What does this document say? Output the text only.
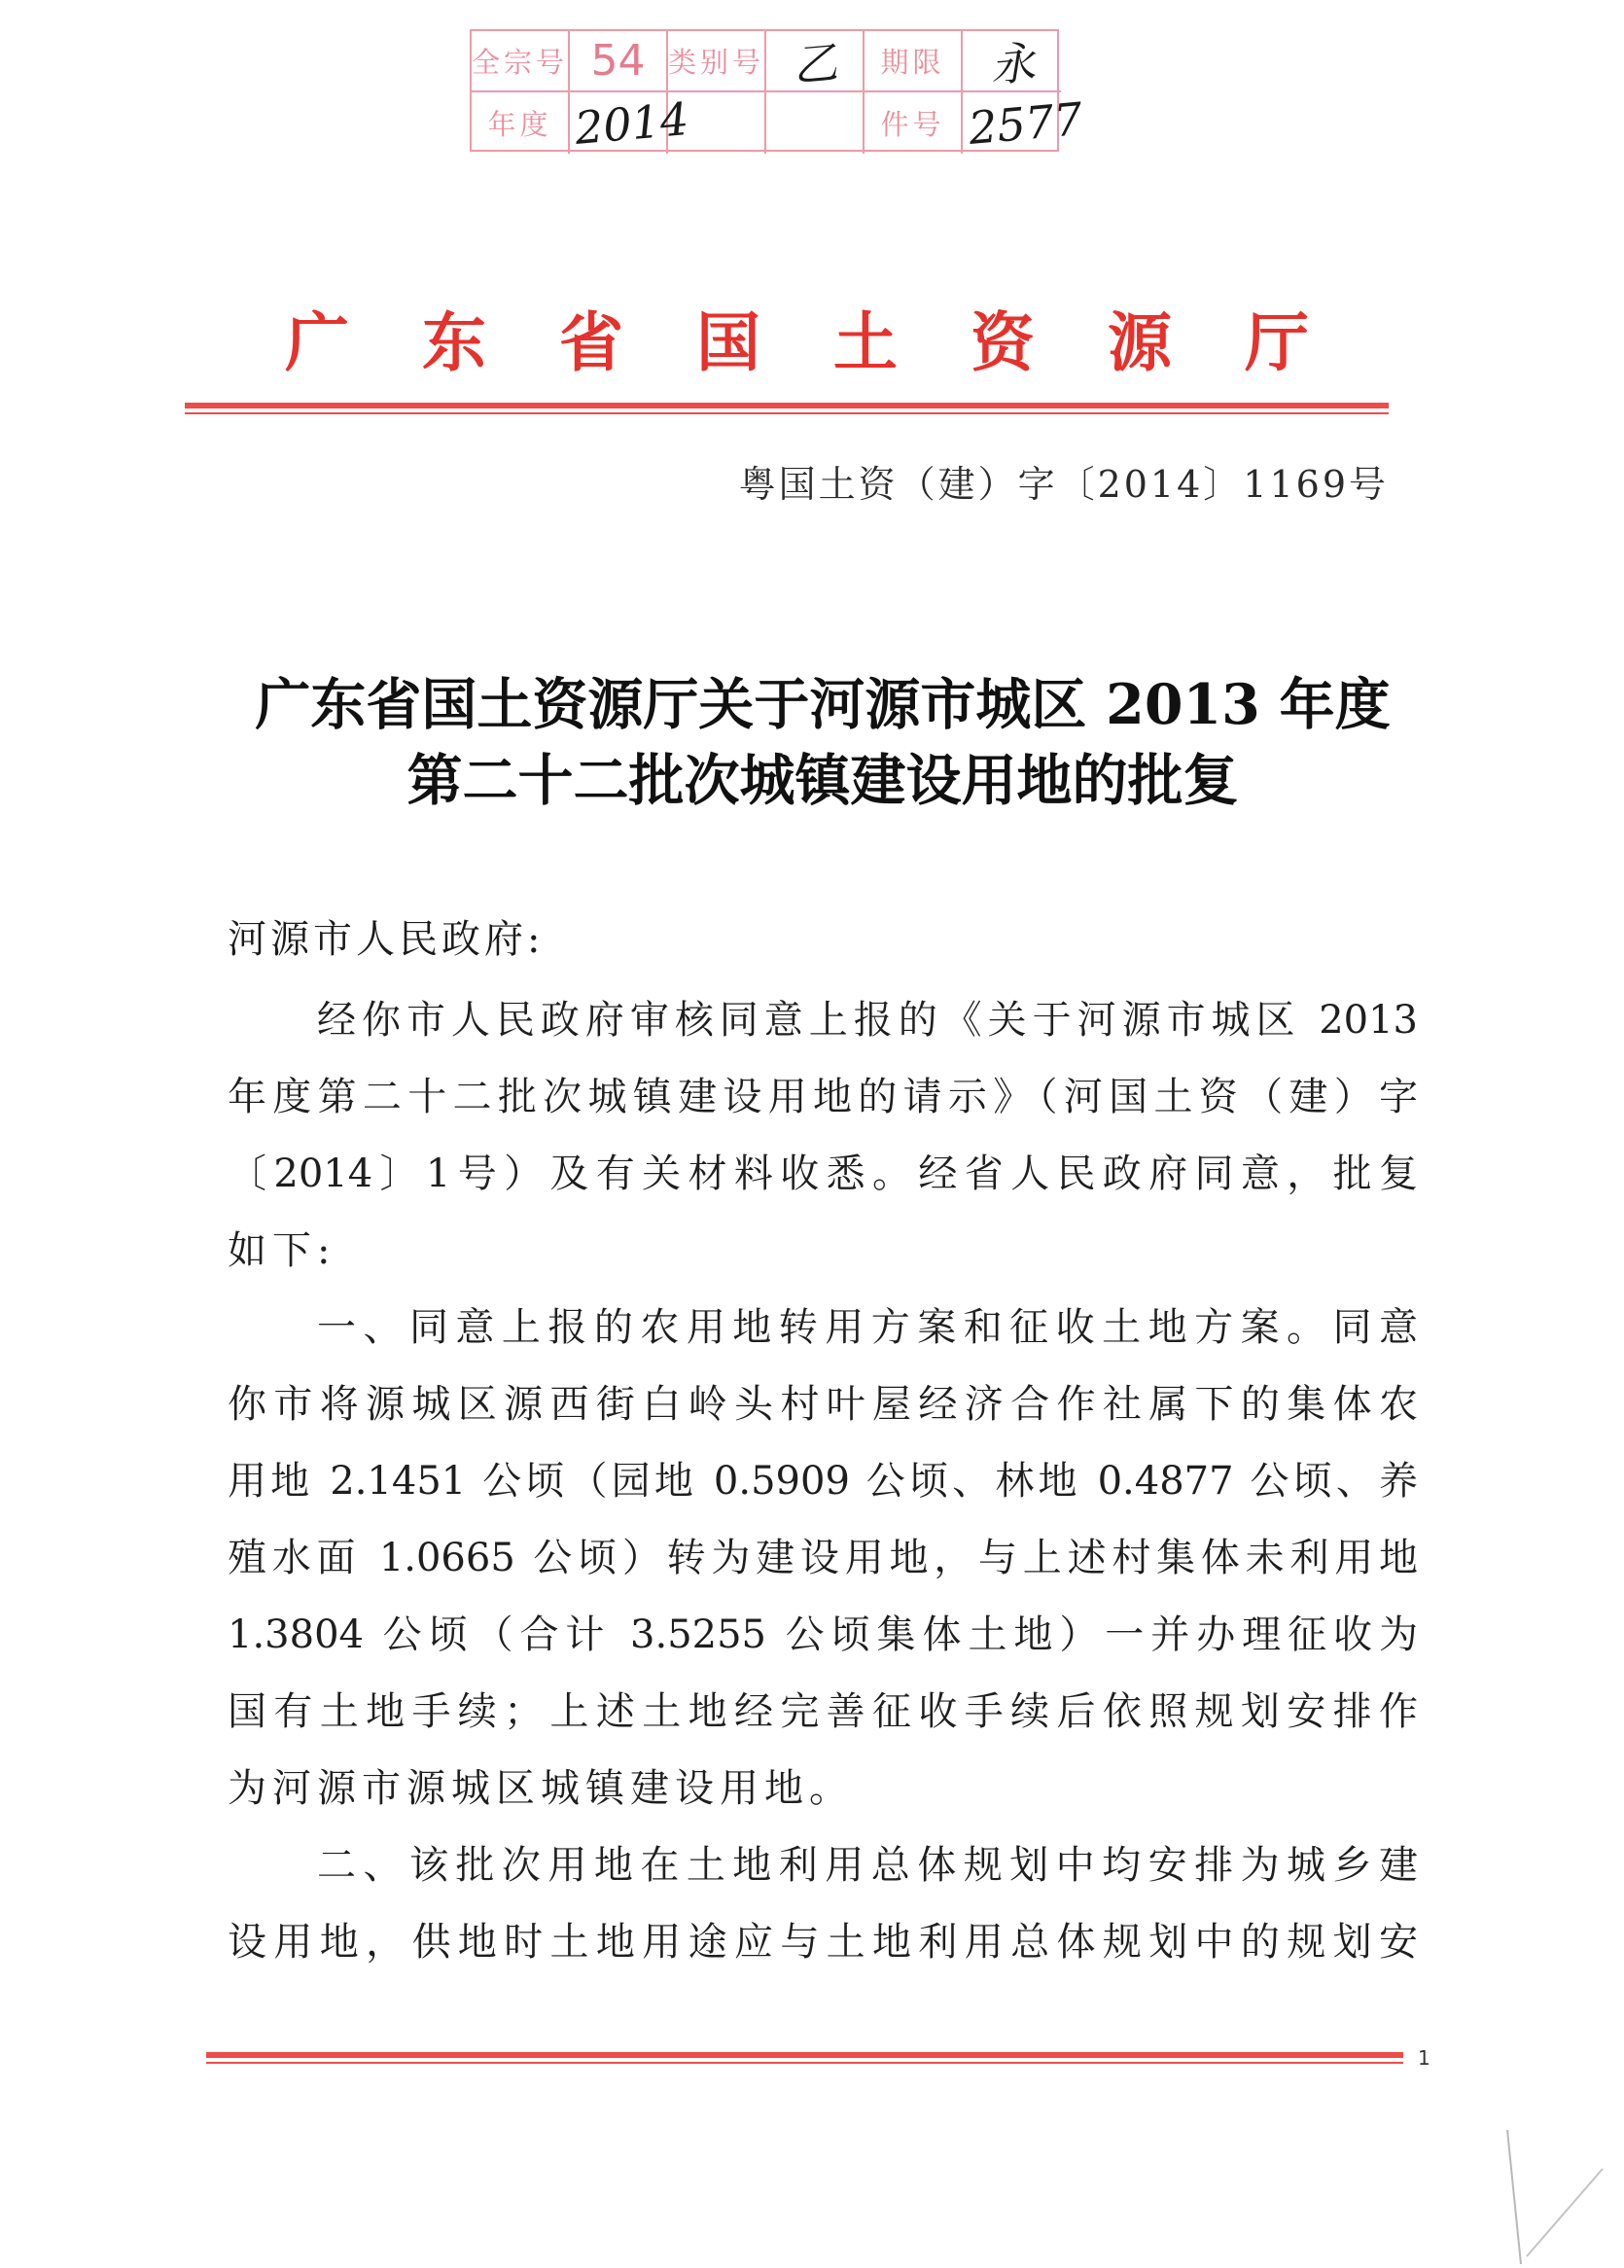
全宗号 54 类别号 乙 期限 永
年度 2014	件号 2577
广东省国土资源厅
粤国土资（建）字〔2014〕1169号
广东省国土资源厅关于河源市城区 2013 年度
第二十二批次城镇建设用地的批复
河源市人民政府:
经你市人民政府审核同意上报的《关于河源市城区 2013
年度第二十二批次城镇建设用地的请示》（河国土资（建）字
〔2014〕1号）及有关材料收悉。经省人民政府同意，批复
如下:
一、同意上报的农用地转用方案和征收土地方案。同意
你市将源城区源西街白岭头村叶屋经济合作社属下的集体农
用地 2.1451 公顷（园地 0.5909 公顷、林地 0.4877 公顷、养
殖水面 1.0665 公顷）转为建设用地，与上述村集体未利用地
1.3804 公顷（合计 3.5255 公顷集体土地）一并办理征收为
国有土地手续；上述土地经完善征收手续后依照规划安排作
为河源市源城区城镇建设用地。
二、该批次用地在土地利用总体规划中均安排为城乡建
设用地，供地时土地用途应与土地利用总体规划中的规划安
1
